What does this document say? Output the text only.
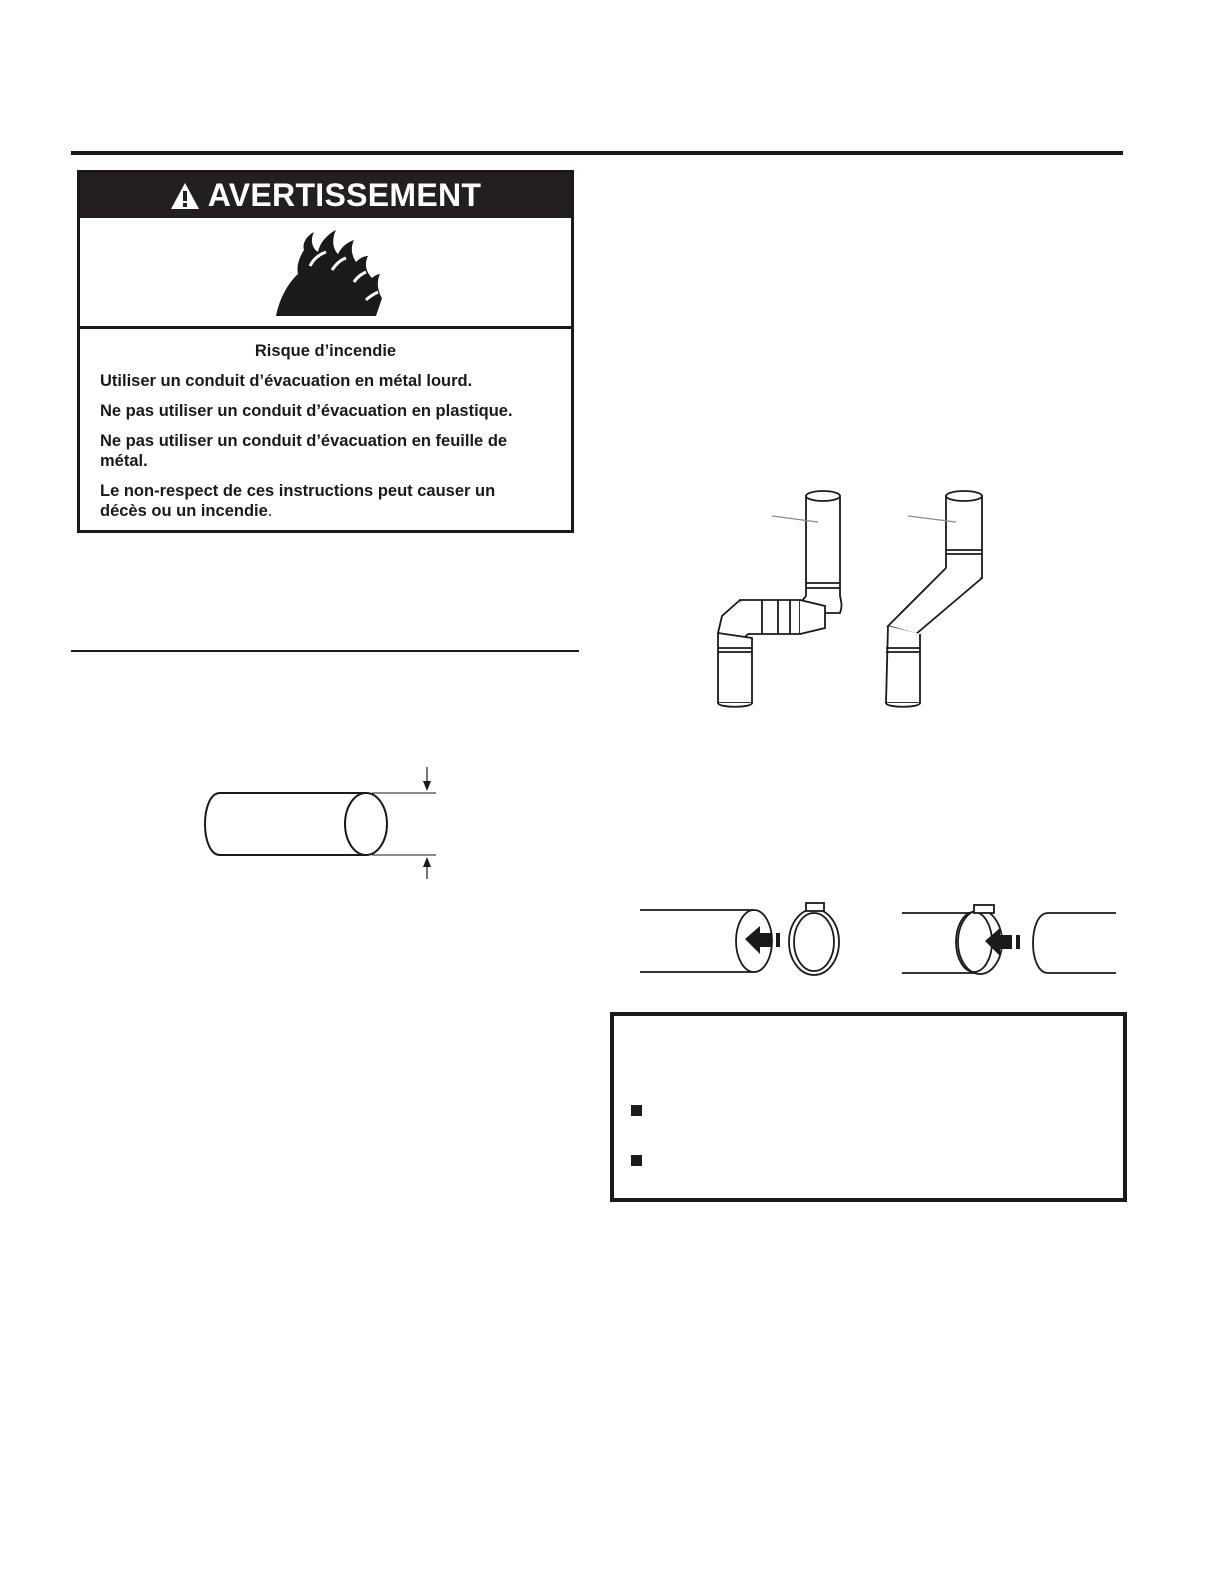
AVERTISSEMENT

Risque d’incendie

Utiliser un conduit d’évacuation en métal lourd.

Ne pas utiliser un conduit d’évacuation en plastique.

Ne pas utiliser un conduit d’évacuation en feuille de métal.

Le non-respect de ces instructions peut causer un décès ou un incendie.
